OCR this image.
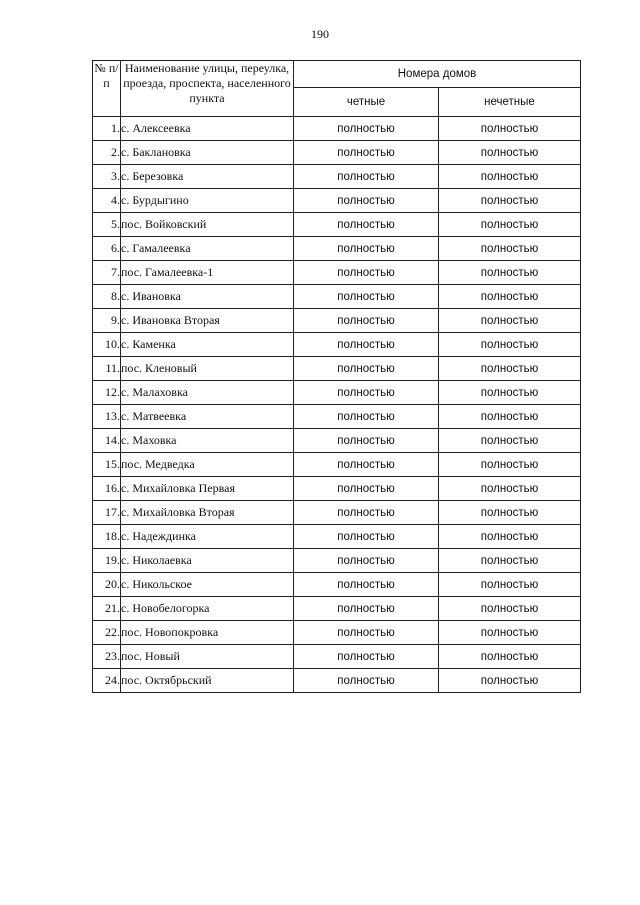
190
№ п/п	Наименование улицы, переулка, проезда, проспекта, населенного пункта	Номера домов	
		четные	нечетные
1.	с. Алексеевка	полностью	полностью
2.	с. Баклановка	полностью	полностью
3.	с. Березовка	полностью	полностью
4.	с. Бурдыгино	полностью	полностью
5.	пос. Войковский	полностью	полностью
6.	с. Гамалеевка	полностью	полностью
7.	пос. Гамалеевка-1	полностью	полностью
8.	с. Ивановка	полностью	полностью
9.	с. Ивановка Вторая	полностью	полностью
10.	с. Каменка	полностью	полностью
11.	пос. Кленовый	полностью	полностью
12.	с. Малаховка	полностью	полностью
13.	с. Матвеевка	полностью	полностью
14.	с. Маховка	полностью	полностью
15.	пос. Медведка	полностью	полностью
16.	с. Михайловка Первая	полностью	полностью
17.	с. Михайловка Вторая	полностью	полностью
18.	с. Надеждинка	полностью	полностью
19.	с. Николаевка	полностью	полностью
20.	с. Никольское	полностью	полностью
21.	с. Новобелогорка	полностью	полностью
22.	пос. Новопокровка	полностью	полностью
23.	пос. Новый	полностью	полностью
24.	пос. Октябрьский	полностью	полностью
